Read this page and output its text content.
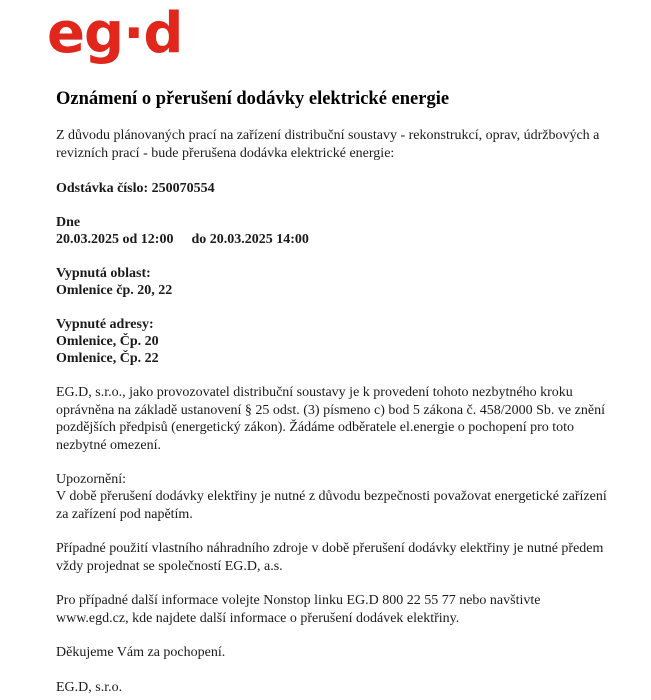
eg·d
Oznámení o přerušení dodávky elektrické energie
Z důvodu plánovaných prací na zařízení distribuční soustavy - rekonstrukcí, oprav, údržbových a revizních prací - bude přerušena dodávka elektrické energie:
Odstávka číslo: 250070554
Dne
20.03.2025 od 12:00 do 20.03.2025 14:00
Vypnutá oblast:
Omlenice čp. 20, 22
Vypnuté adresy:
Omlenice, Čp. 20
Omlenice, Čp. 22
EG.D, s.r.o., jako provozovatel distribuční soustavy je k provedení tohoto nezbytného kroku oprávněna na základě ustanovení § 25 odst. (3) písmeno c) bod 5 zákona č. 458/2000 Sb. ve znění pozdějších předpisů (energetický zákon). Žádáme odběratele el.energie o pochopení pro toto nezbytné omezení.
Upozornění:
V době přerušení dodávky elektřiny je nutné z důvodu bezpečnosti považovat energetické zařízení za zařízení pod napětím.
Případné použití vlastního náhradního zdroje v době přerušení dodávky elektřiny je nutné předem vždy projednat se společností EG.D, a.s.
Pro případné další informace volejte Nonstop linku EG.D 800 22 55 77 nebo navštivte www.egd.cz, kde najdete další informace o přerušení dodávek elektřiny.
Děkujeme Vám za pochopení.
EG.D, s.r.o.
